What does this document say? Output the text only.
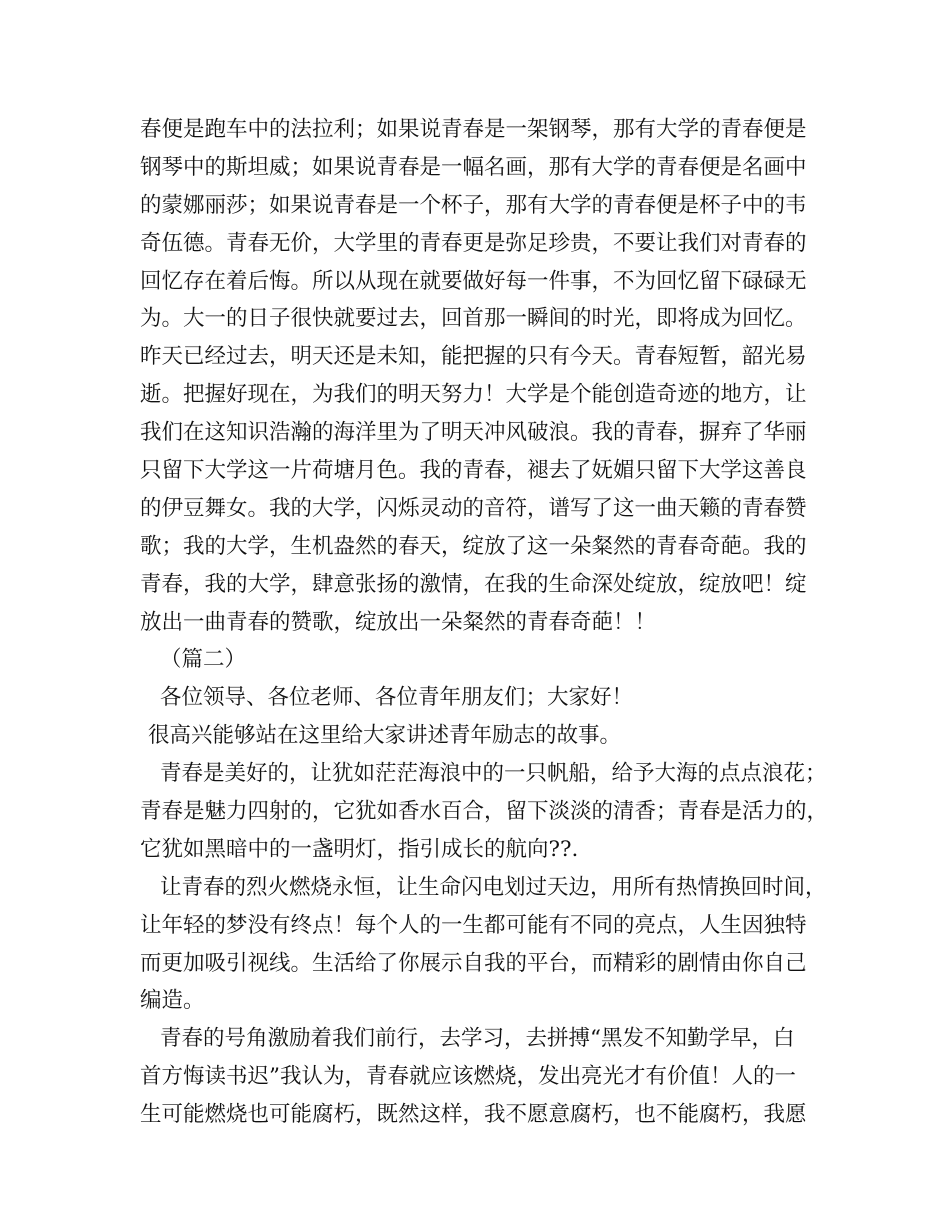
春便是跑车中的法拉利；如果说青春是一架钢琴，那有大学的青春便是
钢琴中的斯坦威；如果说青春是一幅名画，那有大学的青春便是名画中
的蒙娜丽莎；如果说青春是一个杯子，那有大学的青春便是杯子中的韦
奇伍德。青春无价，大学里的青春更是弥足珍贵，不要让我们对青春的
回忆存在着后悔。所以从现在就要做好每一件事，不为回忆留下碌碌无
为。大一的日子很快就要过去，回首那一瞬间的时光，即将成为回忆。
昨天已经过去，明天还是未知，能把握的只有今天。青春短暂，韶光易
逝。把握好现在，为我们的明天努力！大学是个能创造奇迹的地方，让
我们在这知识浩瀚的海洋里为了明天冲风破浪。我的青春，摒弃了华丽
只留下大学这一片荷塘月色。我的青春，褪去了妩媚只留下大学这善良
的伊豆舞女。我的大学，闪烁灵动的音符，谱写了这一曲天籁的青春赞
歌；我的大学，生机盎然的春天，绽放了这一朵粲然的青春奇葩。我的
青春，我的大学，肆意张扬的激情，在我的生命深处绽放，绽放吧！绽
放出一曲青春的赞歌，绽放出一朵粲然的青春奇葩！！
（篇二）
各位领导、各位老师、各位青年朋友们；大家好！
很高兴能够站在这里给大家讲述青年励志的故事。
青春是美好的，让犹如茫茫海浪中的一只帆船，给予大海的点点浪花；
青春是魅力四射的，它犹如香水百合，留下淡淡的清香；青春是活力的，
它犹如黑暗中的一盏明灯，指引成长的航向??.
让青春的烈火燃烧永恒，让生命闪电划过天边，用所有热情换回时间，
让年轻的梦没有终点！每个人的一生都可能有不同的亮点，人生因独特
而更加吸引视线。生活给了你展示自我的平台，而精彩的剧情由你自己
编造。
青春的号角激励着我们前行，去学习，去拼搏“黑发不知勤学早，白
首方悔读书迟”我认为，青春就应该燃烧，发出亮光才有价值！人的一
生可能燃烧也可能腐朽，既然这样，我不愿意腐朽，也不能腐朽，我愿
